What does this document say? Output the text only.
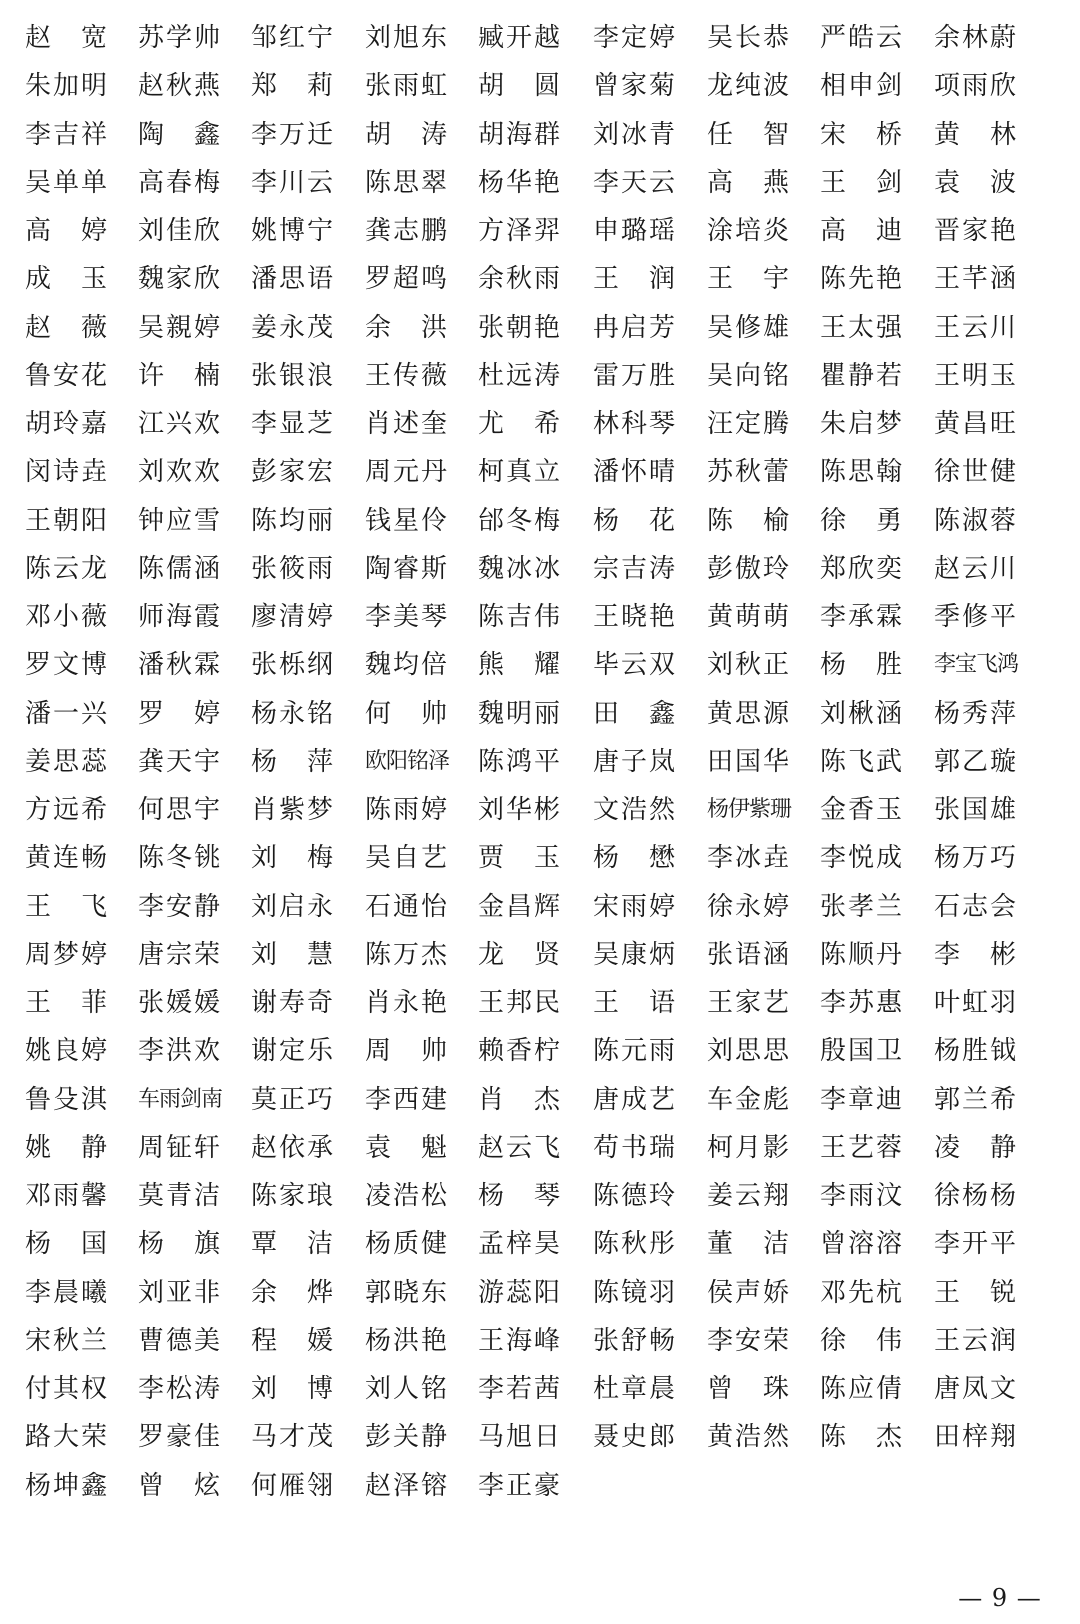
赵　宽 苏学帅 邹红宁 刘旭东 臧开越 李定婷 吴长恭 严皓云 余林蔚
朱加明 赵秋燕 郑　莉 张雨虹 胡　圆 曾家菊 龙纯波 相申剑 项雨欣
李吉祥 陶　鑫 李万迁 胡　涛 胡海群 刘冰青 任　智 宋　桥 黄　林
吴单单 高春梅 李川云 陈思翠 杨华艳 李天云 高　燕 王　剑 袁　波
高　婷 刘佳欣 姚博宁 龚志鹏 方泽羿 申璐瑶 涂培炎 高　迪 晋家艳
成　玉 魏家欣 潘思语 罗超鸣 余秋雨 王　润 王　宇 陈先艳 王芊涵
赵　薇 吴親婷 姜永茂 余　洪 张朝艳 冉启芳 吴修雄 王太强 王云川
鲁安花 许　楠 张银浪 王传薇 杜远涛 雷万胜 吴向铭 瞿静若 王明玉
胡玲嘉 江兴欢 李显芝 肖述奎 尤　希 林科琴 汪定腾 朱启梦 黄昌旺
闵诗垚 刘欢欢 彭家宏 周元丹 柯真立 潘怀晴 苏秋蕾 陈思翰 徐世健
王朝阳 钟应雪 陈均丽 钱星伶 邰冬梅 杨　花 陈　榆 徐　勇 陈淑蓉
陈云龙 陈儒涵 张筱雨 陶睿斯 魏冰冰 宗吉涛 彭傲玲 郑欣奕 赵云川
邓小薇 师海霞 廖清婷 李美琴 陈吉伟 王晓艳 黄萌萌 李承霖 季修平
罗文博 潘秋霖 张栎纲 魏均倍 熊　耀 毕云双 刘秋正 杨　胜 李宝飞鸿
潘一兴 罗　婷 杨永铭 何　帅 魏明丽 田　鑫 黄思源 刘楸涵 杨秀萍
姜思蕊 龚天宇 杨　萍 欧阳铭泽 陈鸿平 唐子岚 田国华 陈飞武 郭乙璇
方远希 何思宇 肖紫梦 陈雨婷 刘华彬 文浩然 杨伊紫珊 金香玉 张国雄
黄连畅 陈冬铫 刘　梅 吴自艺 贾　玉 杨　懋 李冰垚 李悦成 杨万巧
王　飞 李安静 刘启永 石通怡 金昌辉 宋雨婷 徐永婷 张孝兰 石志会
周梦婷 唐宗荣 刘　慧 陈万杰 龙　贤 吴康炳 张语涵 陈顺丹 李　彬
王　菲 张媛媛 谢寿奇 肖永艳 王邦民 王　语 王家艺 李苏惠 叶虹羽
姚良婷 李洪欢 谢定乐 周　帅 赖香柠 陈元雨 刘思思 殷国卫 杨胜钺
鲁殳淇 车雨剑南 莫正巧 李西建 肖　杰 唐成艺 车金彪 李章迪 郭兰希
姚　静 周钲轩 赵依承 袁　魁 赵云飞 苟书瑞 柯月影 王艺蓉 凌　静
邓雨馨 莫青洁 陈家琅 凌浩松 杨　琴 陈德玲 姜云翔 李雨汶 徐杨杨
杨　国 杨　旗 覃　洁 杨质健 孟梓昊 陈秋彤 董　洁 曾溶溶 李开平
李晨曦 刘亚非 余　烨 郭晓东 游蕊阳 陈镜羽 侯声娇 邓先杭 王　锐
宋秋兰 曹德美 程　媛 杨洪艳 王海峰 张舒畅 李安荣 徐　伟 王云润
付其权 李松涛 刘　博 刘人铭 李若茜 杜章晨 曾　珠 陈应倩 唐凤文
路大荣 罗豪佳 马才茂 彭关静 马旭日 聂史郎 黄浩然 陈　杰 田梓翔
杨坤鑫 曾　炫 何雁翎 赵泽镕 李正豪
— 9 —
